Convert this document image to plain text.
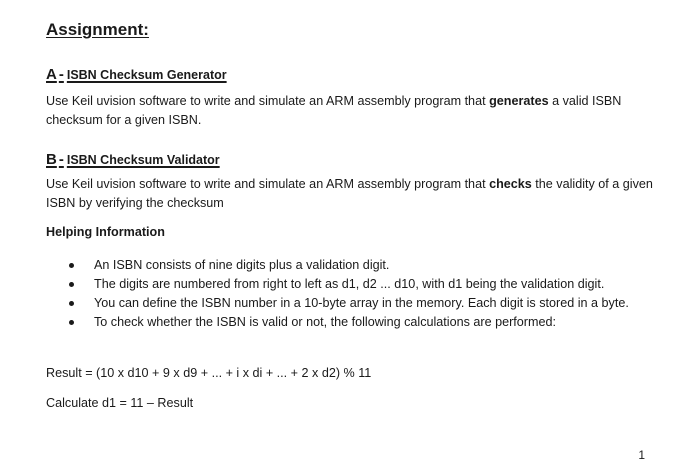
Assignment:
A - ISBN Checksum Generator

Use Keil uvision software to write and simulate an ARM assembly program that generates a valid ISBN checksum for a given ISBN.

B - ISBN Checksum Validator

Use Keil uvision software to write and simulate an ARM assembly program that checks the validity of a given ISBN by verifying the checksum

Helping Information
An ISBN consists of nine digits plus a validation digit.
The digits are numbered from right to left as d1, d2 ... d10, with d1 being the validation digit.
You can define the ISBN number in a 10-byte array in the memory. Each digit is stored in a byte.
To check whether the ISBN is valid or not, the following calculations are performed:

Result = (10 x d10 + 9 x d9 + ... + i x di + ... + 2 x d2) % 11

Calculate d1 = 11 – Result

1
